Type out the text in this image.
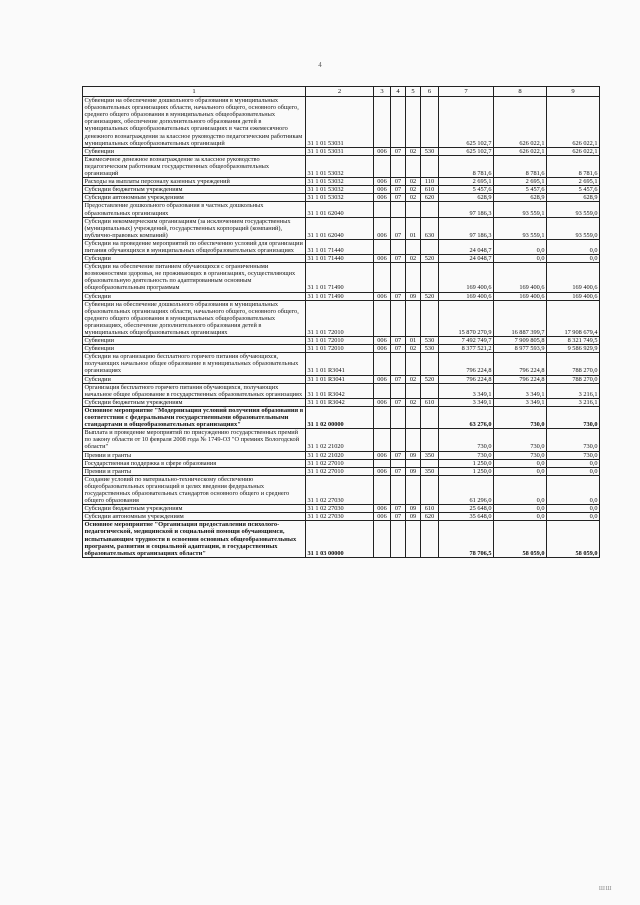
4
1	2	3	4	5	6	7	8	9
Субвенции на обеспечение дошкольного образования в муниципальных образовательных организациях области, начального общего, основного общего, среднего общего образования в муниципальных общеобразовательных организациях, обеспечение дополнительного образования детей в муниципальных общеобразовательных организациях в части ежемесячного денежного вознаграждения за классное руководство педагогическим работникам муниципальных общеобразовательных организаций	31 1 01 53031					625 102,7	626 022,1	626 022,1
Субвенции	31 1 01 53031	006	07	02	530	625 102,7	626 022,1	626 022,1
Ежемесячное денежное вознаграждение за классное руководство педагогическим работникам государственных общеобразовательных организаций	31 1 01 53032					8 781,6	8 781,6	8 781,6
Расходы на выплаты персоналу казенных учреждений	31 1 01 53032	006	07	02	110	2 695,1	2 695,1	2 695,1
Субсидии бюджетным учреждениям	31 1 01 53032	006	07	02	610	5 457,6	5 457,6	5 457,6
Субсидии автономным учреждениям	31 1 01 53032	006	07	02	620	628,9	628,9	628,9
Предоставление дошкольного образования в частных дошкольных образовательных организациях	31 1 01 62040					97 186,3	93 559,1	93 559,0
Субсидии некоммерческим организациям (за исключением государственных (муниципальных) учреждений, государственных корпораций (компаний), публично-правовых компаний)	31 1 01 62040	006	07	01	630	97 186,3	93 559,1	93 559,0
Субсидии на проведение мероприятий по обеспечению условий для организации питания обучающихся в муниципальных общеобразовательных организациях	31 1 01 71440					24 048,7	0,0	0,0
Субсидии	31 1 01 71440	006	07	02	520	24 048,7	0,0	0,0
Субсидии на обеспечение питанием обучающихся с ограниченными возможностями здоровья, не проживающих в организациях, осуществляющих образовательную деятельность по адаптированным основным общеобразовательным программам	31 1 01 71490					169 400,6	169 400,6	169 400,6
Субсидии	31 1 01 71490	006	07	09	520	169 400,6	169 400,6	169 400,6
Субвенции на обеспечение дошкольного образования в муниципальных образовательных организациях области, начального общего, основного общего, среднего общего образования в муниципальных общеобразовательных организациях, обеспечение дополнительного образования детей в муниципальных общеобразовательных организациях	31 1 01 72010					15 870 270,9	16 887 399,7	17 908 679,4
Субвенции	31 1 01 72010	006	07	01	530	7 492 749,7	7 909 805,8	8 321 749,5
Субвенции	31 1 01 72010	006	07	02	530	8 377 521,2	8 977 593,9	9 586 929,9
Субсидии на организацию бесплатного горячего питания обучающихся, получающих начальное общее образование в муниципальных образовательных организациях	31 1 01 R3041					796 224,8	796 224,8	788 270,0
Субсидии	31 1 01 R3041	006	07	02	520	796 224,8	796 224,8	788 270,0
Организация бесплатного горячего питания обучающихся, получающих начальное общее образование в государственных образовательных организациях	31 1 01 R3042					3 349,1	3 349,1	3 216,1
Субсидии бюджетным учреждениям	31 1 01 R3042	006	07	02	610	3 349,1	3 349,1	3 216,1
Основное мероприятие "Модернизация условий получения образования в соответствии с федеральными государственными образовательными стандартами в общеобразовательных организациях"	31 1 02 00000					63 276,0	730,0	730,0
Выплата и проведение мероприятий по присуждению государственных премий по закону области от 10 февраля 2008 года № 1749-ОЗ "О премиях Вологодской области"	31 1 02 21020					730,0	730,0	730,0
Премии и гранты	31 1 02 21020	006	07	09	350	730,0	730,0	730,0
Государственная поддержка в сфере образования	31 1 02 27010					1 250,0	0,0	0,0
Премии и гранты	31 1 02 27010	006	07	09	350	1 250,0	0,0	0,0
Создание условий по материально-техническому обеспечению общеобразовательных организаций в целях введения федеральных государственных образовательных стандартов основного общего и среднего общего образования	31 1 02 27030					61 296,0	0,0	0,0
Субсидии бюджетным учреждениям	31 1 02 27030	006	07	09	610	25 648,0	0,0	0,0
Субсидии автономным учреждениям	31 1 02 27030	006	07	09	620	35 648,0	0,0	0,0
Основное мероприятие "Организация предоставления психолого-педагогической, медицинской и социальной помощи обучающимся, испытывающим трудности в освоении основных общеобразовательных программ, развитии и социальной адаптации, в государственных образовательных организациях области"	31 1 03 00000					78 706,5	58 059,0	58 059,0
ШШ
